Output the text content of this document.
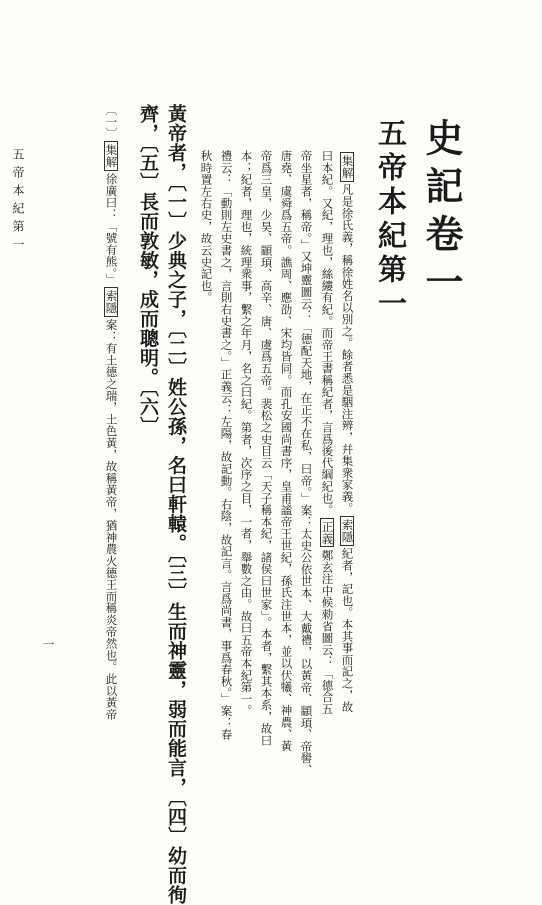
史記卷一
五帝本紀第一
集解凡是徐氏義，稱徐姓名以別之。餘者悉是駰注辨，幷集衆家義。索隱紀者，記也。本其事而記之，故
曰本紀。又紀，理也，絲縷有紀。而帝王書稱紀者，言爲後代綱紀也。正義鄭玄注中候勑省圖云：「德合五
帝坐星者，稱帝。」又坤靈圖云：「德配天地，在正不在私，曰帝。」案：太史公依世本、大戴禮，以黃帝、顓頊、帝嚳、
唐堯、虞舜爲五帝。譙周、應劭、宋均皆同。而孔安國尚書序，皇甫謐帝王世紀，孫氏注世本，並以伏犧、神農、黃
帝爲三皇，少昊、顓頊、高辛、唐、虞爲五帝。裴松之史目云「天子稱本紀，諸侯曰世家」。本者，繫其本系，故曰
本；紀者，理也，統理衆事，繫之年月，名之曰紀。第者，次序之目，一者，舉數之由。故曰五帝本紀第一。
禮云：「動則左史書之，言則右史書之。」正義云：左陽，故記動。右陰，故記言。言爲尚書，事爲春秋。」案：春
秋時置左右史，故云史記也。
黃帝者，〔一〕少典之子，〔二〕姓公孫，名曰軒轅。〔三〕生而神靈，弱而能言，〔四〕幼而徇
齊，〔五〕長而敦敏，成而聰明。〔六〕
〔一〕集解徐廣曰：「號有熊。」索隱案：有土德之瑞，土色黃，故稱黃帝，猶神農火德王而稱炎帝然也。此以黃帝
五帝本紀第一
一
